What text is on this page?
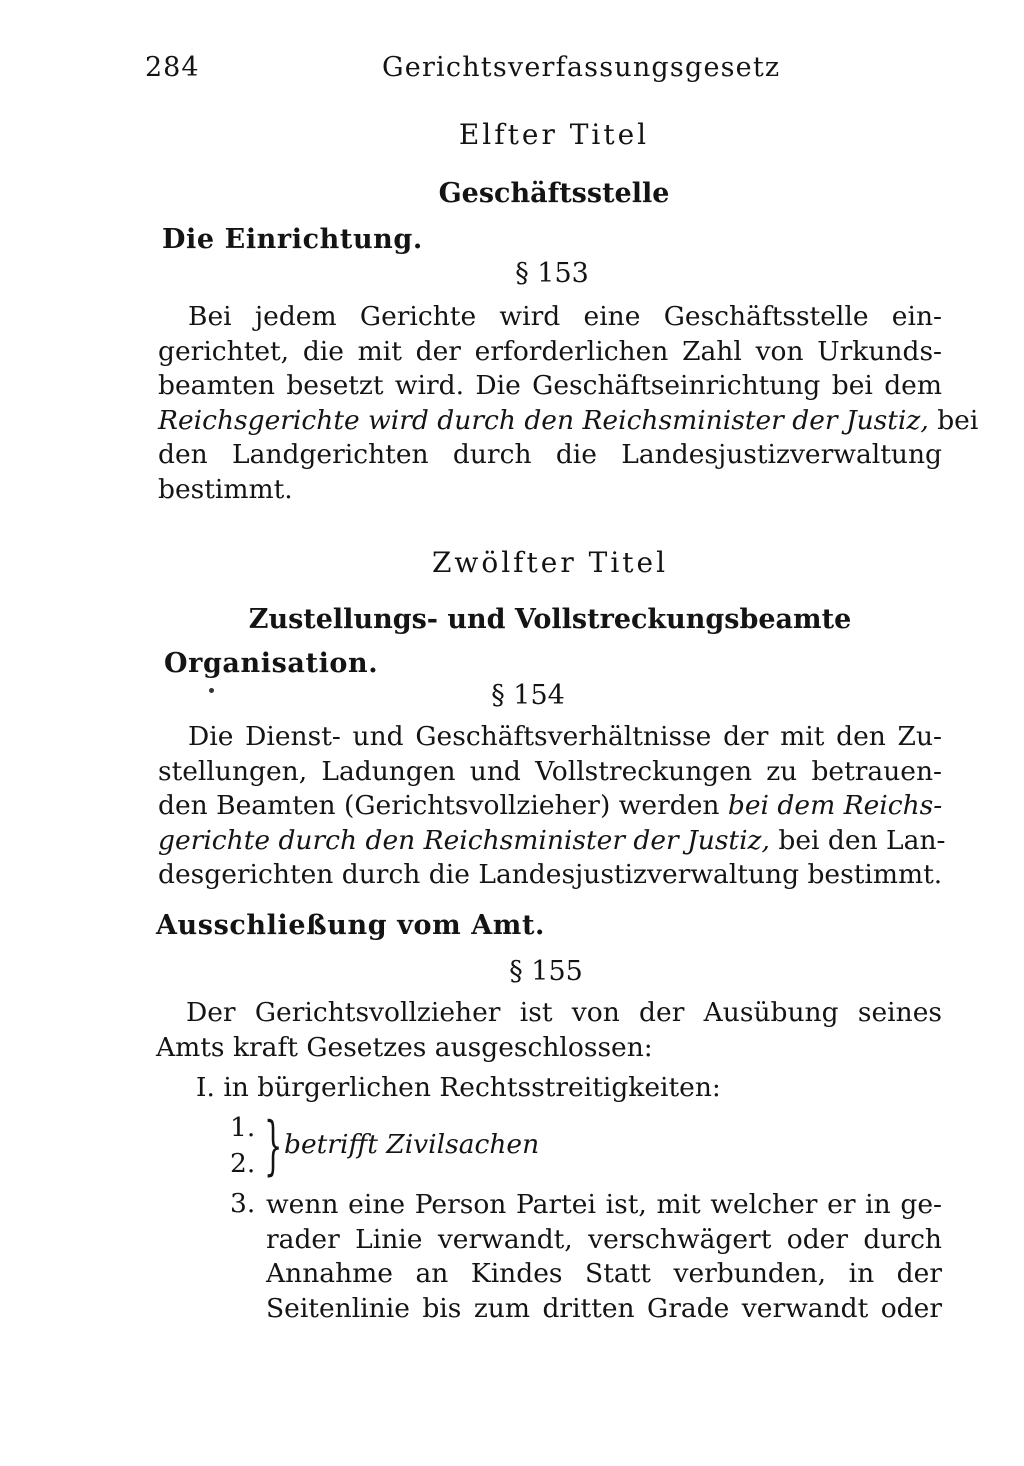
284	Gerichtsverfassungsgesetz
Elfter Titel
Geschäftsstelle
Die Einrichtung.
§ 153
Bei jedem Gerichte wird eine Geschäftsstelle ein-
gerichtet, die mit der erforderlichen Zahl von Urkunds-
beamten besetzt wird. Die Geschäftseinrichtung bei dem
Reichsgerichte wird durch den Reichsminister der Justiz, bei
den Landgerichten durch die Landesjustizverwaltung
bestimmt.
Zwölfter Titel
Zustellungs- und Vollstreckungsbeamte
Organisation.
§ 154
Die Dienst- und Geschäftsverhältnisse der mit den Zu-
stellungen, Ladungen und Vollstreckungen zu betrauen-
den Beamten (Gerichtsvollzieher) werden bei dem Reichs-
gerichte durch den Reichsminister der Justiz, bei den Lan-
desgerichten durch die Landesjustizverwaltung bestimmt.
Ausschließung vom Amt.
§ 155
Der Gerichtsvollzieher ist von der Ausübung seines
Amts kraft Gesetzes ausgeschlossen:
I. in bürgerlichen Rechtsstreitigkeiten:
1.
2. } betrifft Zivilsachen
3. wenn eine Person Partei ist, mit welcher er in ge-
rader Linie verwandt, verschwägert oder durch
Annahme an Kindes Statt verbunden, in der
Seitenlinie bis zum dritten Grade verwandt oder
